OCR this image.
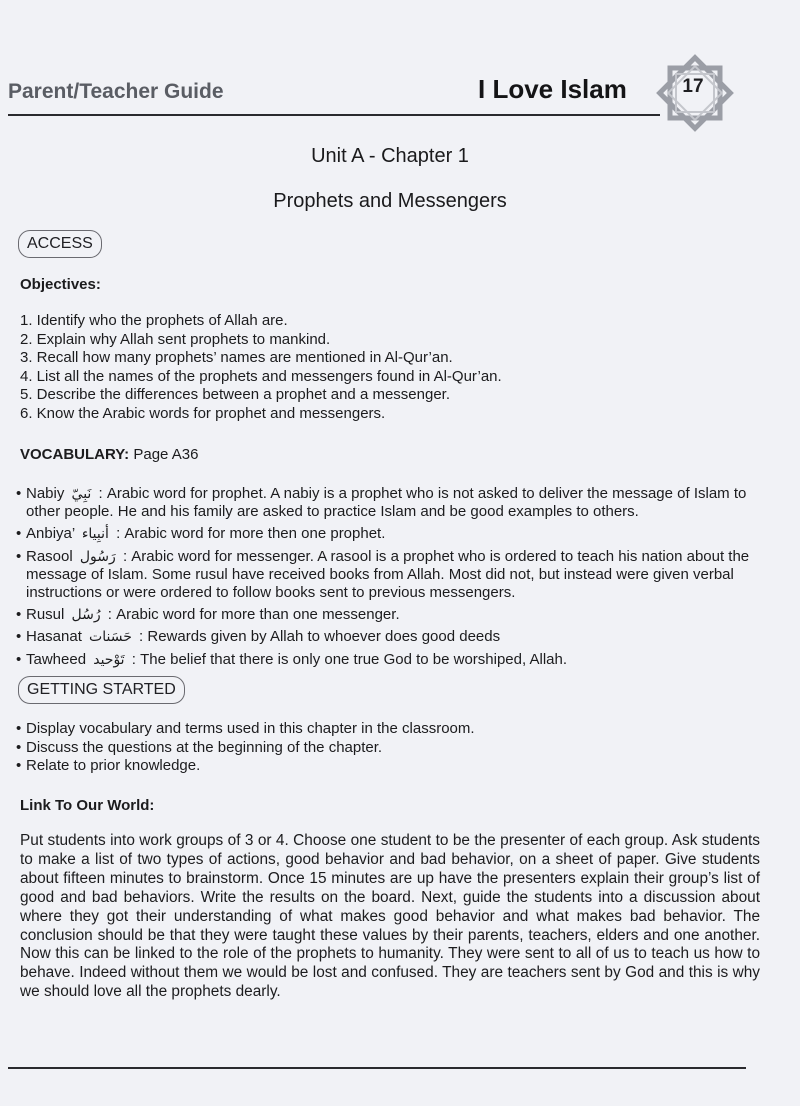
Parent/Teacher Guide	I Love Islam	17
Unit A - Chapter 1
Prophets and Messengers
ACCESS
Objectives:
1. Identify who the prophets of Allah are.
2. Explain why Allah sent prophets to mankind.
3. Recall how many prophets’ names are mentioned in Al-Qur’an.
4. List all the names of the prophets and messengers found in Al-Qur’an.
5. Describe the differences between a prophet and a messenger.
6. Know the Arabic words for prophet and messengers.
VOCABULARY: Page A36
• Nabiy نَبِيّ : Arabic word for prophet. A nabiy is a prophet who is not asked to deliver the message of Islam to other people. He and his family are asked to practice Islam and be good examples to others.
• Anbiya’ أنبِياء : Arabic word for more then one prophet.
• Rasool رَسُول : Arabic word for messenger. A rasool is a prophet who is ordered to teach his nation about the message of Islam. Some rusul have received books from Allah. Most did not, but instead were given verbal instructions or were ordered to follow books sent to previous messengers.
• Rusul رُسُل : Arabic word for more than one messenger.
• Hasanat حَسَنات : Rewards given by Allah to whoever does good deeds
• Tawheed تَوْحيد : The belief that there is only one true God to be worshiped, Allah.
GETTING STARTED
• Display vocabulary and terms used in this chapter in the classroom.
• Discuss the questions at the beginning of the chapter.
• Relate to prior knowledge.
Link To Our World:
Put students into work groups of 3 or 4. Choose one student to be the presenter of each group. Ask students to make a list of two types of actions, good behavior and bad behavior, on a sheet of paper. Give students about fifteen minutes to brainstorm. Once 15 minutes are up have the presenters explain their group’s list of good and bad behaviors. Write the results on the board. Next, guide the students into a discussion about where they got their understanding of what makes good behavior and what makes bad behavior. The conclusion should be that they were taught these values by their parents, teachers, elders and one another. Now this can be linked to the role of the prophets to humanity. They were sent to all of us to teach us how to behave. Indeed without them we would be lost and confused. They are teachers sent by God and this is why we should love all the prophets dearly.
